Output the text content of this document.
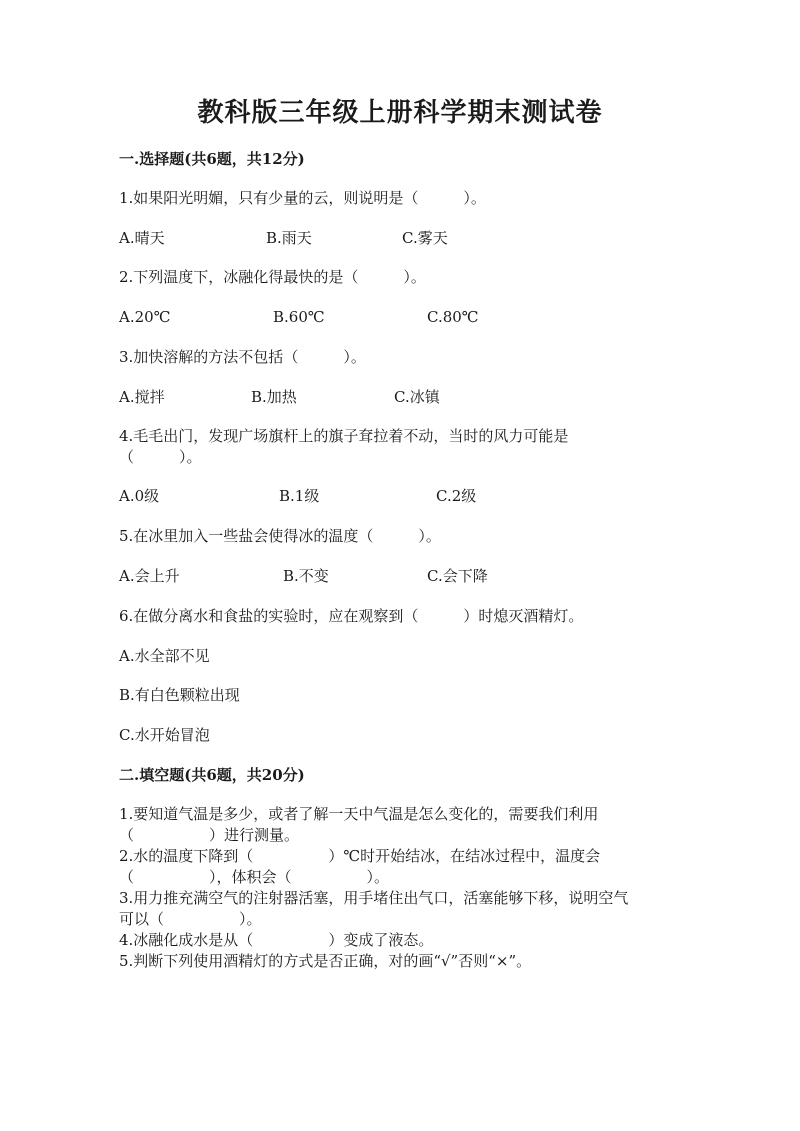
教科版三年级上册科学期末测试卷
一.选择题(共6题，共12分)
1.如果阳光明媚，只有少量的云，则说明是（　　　）。
A.晴天	B.雨天	C.雾天
2.下列温度下，冰融化得最快的是（　　　）。
A.20℃	B.60℃	C.80℃
3.加快溶解的方法不包括（　　　）。
A.搅拌	B.加热	C.冰镇
4.毛毛出门，发现广场旗杆上的旗子耷拉着不动，当时的风力可能是
（　　　）。
A.0级	B.1级	C.2级
5.在冰里加入一些盐会使得冰的温度（　　　）。
A.会上升	B.不变	C.会下降
6.在做分离水和食盐的实验时，应在观察到（　　　）时熄灭酒精灯。
A.水全部不见
B.有白色颗粒出现
C.水开始冒泡
二.填空题(共6题，共20分)
1.要知道气温是多少，或者了解一天中气温是怎么变化的，需要我们利用
（　　　　　）进行测量。
2.水的温度下降到（　　　　　）℃时开始结冰，在结冰过程中，温度会
（　　　　　），体积会（　　　　　）。
3.用力推充满空气的注射器活塞，用手堵住出气口，活塞能够下移，说明空气
可以（　　　　　）。
4.冰融化成水是从（　　　　　）变成了液态。
5.判断下列使用酒精灯的方式是否正确，对的画“√”否则“×”。
